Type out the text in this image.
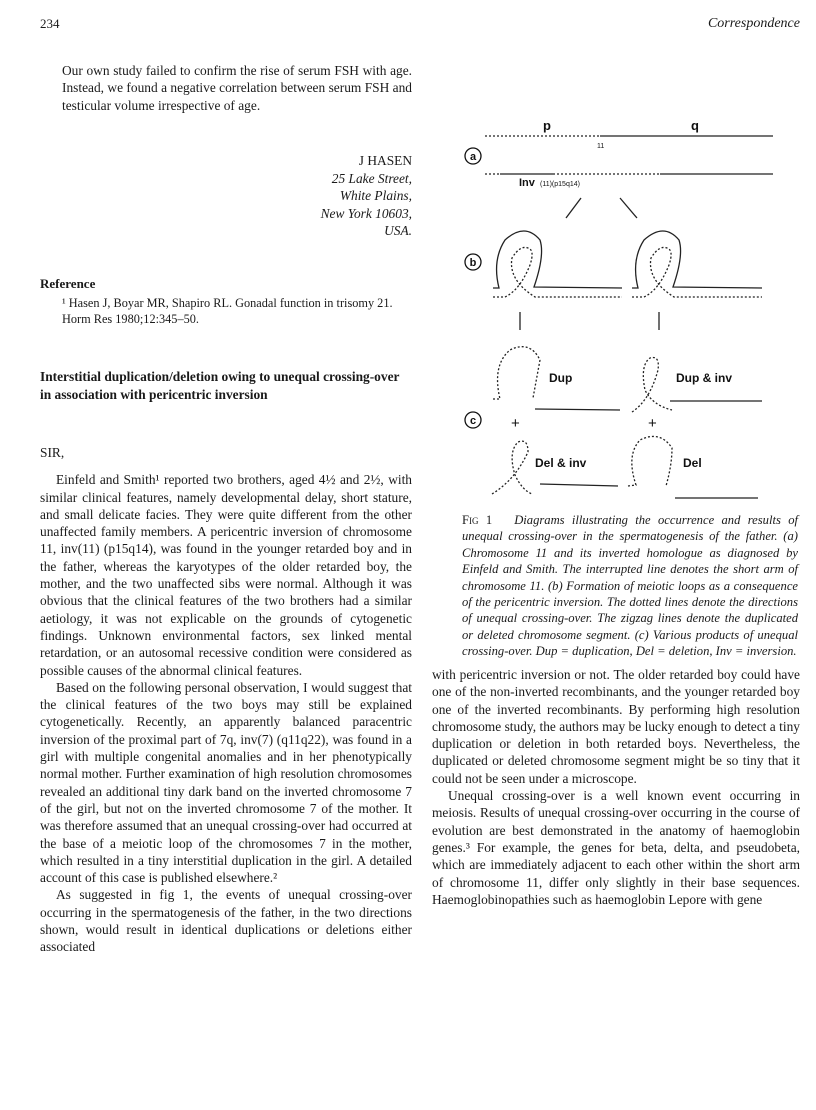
234	Correspondence

Our own study failed to confirm the rise of serum FSH with age. Instead, we found a negative correlation between serum FSH and testicular volume irrespective of age.

J HASEN
25 Lake Street,
White Plains,
New York 10603,
USA.
Reference
¹ Hasen J, Boyar MR, Shapiro RL. Gonadal function in trisomy 21. Horm Res 1980;12:345–50.
Interstitial duplication/deletion owing to unequal crossing-over in association with pericentric inversion

SIR,

Einfeld and Smith¹ reported two brothers, aged 4½ and 2½, with similar clinical features, namely developmental delay, short stature, and small delicate facies. They were quite different from the other unaffected family members. A pericentric inversion of chromosome 11, inv(11) (p15q14), was found in the younger retarded boy and in the father, whereas the karyotypes of the older retarded boy, the mother, and the two unaffected sibs were normal. Although it was obvious that the clinical features of the two brothers had a similar aetiology, it was not explicable on the grounds of cytogenetic findings. Unknown environmental factors, sex linked mental retardation, or an autosomal recessive condition were considered as possible causes of the abnormal clinical features.

Based on the following personal observation, I would suggest that the clinical features of the two boys may still be explained cytogenetically. Recently, an apparently balanced paracentric inversion of the proximal part of 7q, inv(7) (q11q22), was found in a girl with multiple congenital anomalies and in her phenotypically normal mother. Further examination of high resolution chromosomes revealed an additional tiny dark band on the inverted chromosome 7 of the girl, but not on the inverted chromosome 7 of the mother. It was therefore assumed that an unequal crossing-over had occurred at the base of a meiotic loop of the chromosomes 7 in the mother, which resulted in a tiny interstitial duplication in the girl. A detailed account of this case is published elsewhere.²

As suggested in fig 1, the events of unequal crossing-over occurring in the spermatogenesis of the father, in the two directions shown, would result in identical duplications or deletions either associated

a
b
c
p	q
11
Inv (11)(p15q14)
Dup	Dup & inv
Del & inv	Del
+	+
Fig 1 Diagrams illustrating the occurrence and results of unequal crossing-over in the spermatogenesis of the father. (a) Chromosome 11 and its inverted homologue as diagnosed by Einfeld and Smith. The interrupted line denotes the short arm of chromosome 11. (b) Formation of meiotic loops as a consequence of the pericentric inversion. The dotted lines denote the directions of unequal crossing-over. The zigzag lines denote the duplicated or deleted chromosome segment. (c) Various products of unequal crossing-over. Dup = duplication, Del = deletion, Inv = inversion.

with pericentric inversion or not. The older retarded boy could have one of the non-inverted recombinants, and the younger retarded boy one of the inverted recombinants. By performing high resolution chromosome study, the authors may be lucky enough to detect a tiny duplication or deletion in both retarded boys. Nevertheless, the duplicated or deleted chromosome segment might be so tiny that it could not be seen under a microscope.

Unequal crossing-over is a well known event occurring in meiosis. Results of unequal crossing-over occurring in the course of evolution are best demonstrated in the anatomy of haemoglobin genes.³ For example, the genes for beta, delta, and pseudobeta, which are immediately adjacent to each other within the short arm of chromosome 11, differ only slightly in their base sequences. Haemoglobinopathies such as haemoglobin Lepore with gene
